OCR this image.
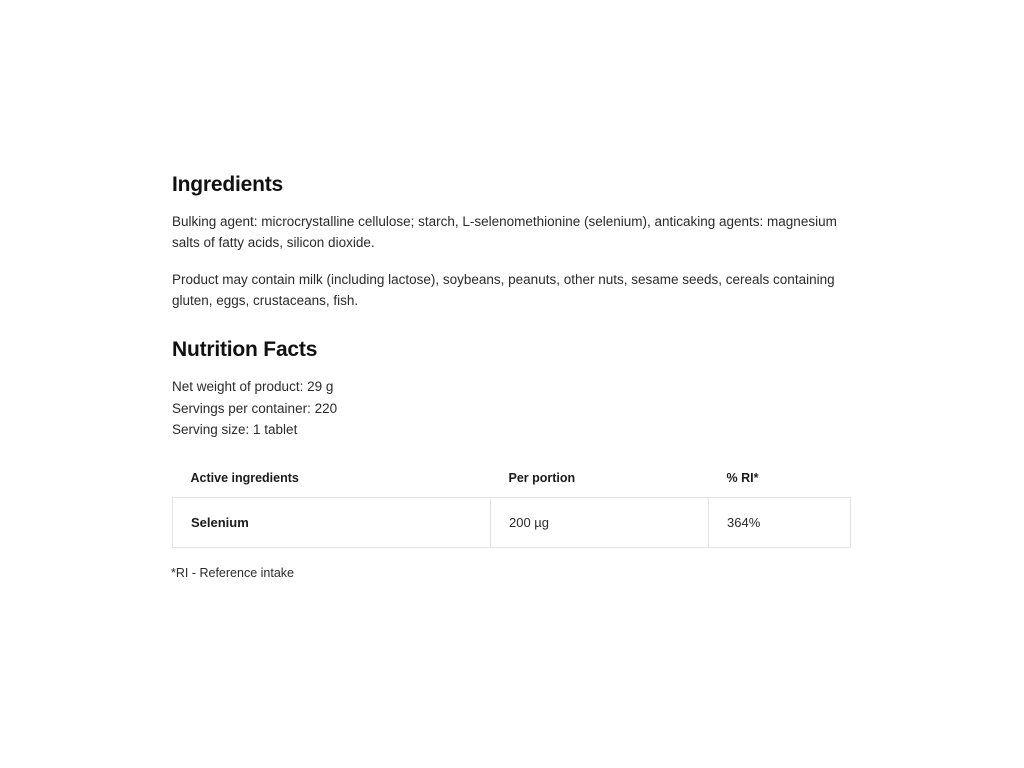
Ingredients

Bulking agent: microcrystalline cellulose; starch, L-selenomethionine (selenium), anticaking agents: magnesium salts of fatty acids, silicon dioxide.

Product may contain milk (including lactose), soybeans, peanuts, other nuts, sesame seeds, cereals containing gluten, eggs, crustaceans, fish.

Nutrition Facts
Net weight of product: 29 g
Servings per container: 220
Serving size: 1 tablet
Active ingredients	Per portion	% RI*
Selenium	200 µg	364%
*RI - Reference intake
